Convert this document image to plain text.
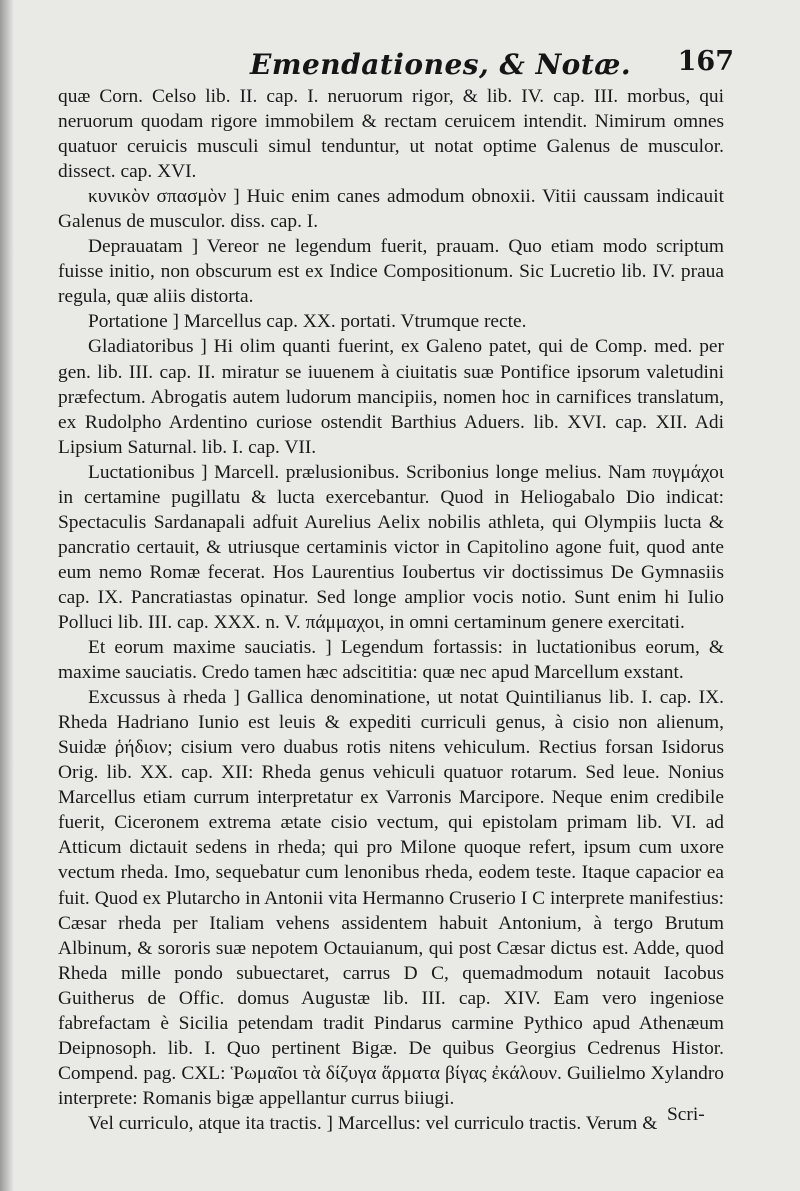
Emendationes, & Notæ. 167

quæ Corn. Celso lib. II. cap. I. neruorum rigor, & lib. IV. cap. III. morbus, qui neruorum quodam rigore immobilem & rectam ceruicem intendit. Nimirum omnes quatuor ceruicis musculi simul tenduntur, ut notat optime Galenus de musculor. dissect. cap. XVI.

κυνικὸν σπασμὸν ] Huic enim canes admodum obnoxii. Vitii caussam indicauit Galenus de musculor. diss. cap. I.

Deprauatam ] Vereor ne legendum fuerit, prauam. Quo etiam modo scriptum fuisse initio, non obscurum est ex Indice Compositionum. Sic Lucretio lib. IV. praua regula, quæ aliis distorta.

Portatione ] Marcellus cap. XX. portati. Vtrumque recte.

Gladiatoribus ] Hi olim quanti fuerint, ex Galeno patet, qui de Comp. med. per gen. lib. III. cap. II. miratur se iuuenem à ciuitatis suæ Pontifice ipsorum valetudini præfectum. Abrogatis autem ludorum mancipiis, nomen hoc in carnifices translatum, ex Rudolpho Ardentino curiose ostendit Barthius Aduers. lib. XVI. cap. XII. Adi Lipsium Saturnal. lib. I. cap. VII.

Luctationibus ] Marcell. prælusionibus. Scribonius longe melius. Nam πυγμάχοι in certamine pugillatu & lucta exercebantur. Quod in Heliogabalo Dio indicat: Spectaculis Sardanapali adfuit Aurelius Aelix nobilis athleta, qui Olympiis lucta & pancratio certauit, & utriusque certaminis victor in Capitolino agone fuit, quod ante eum nemo Romæ fecerat. Hos Laurentius Ioubertus vir doctissimus De Gymnasiis cap. IX. Pancratiastas opinatur. Sed longe amplior vocis notio. Sunt enim hi Iulio Polluci lib. III. cap. XXX. n. V. πάμμαχοι, in omni certaminum genere exercitati.

Et eorum maxime sauciatis. ] Legendum fortassis: in luctationibus eorum, & maxime sauciatis. Credo tamen hæc adscititia: quæ nec apud Marcellum exstant.

Excussus à rheda ] Gallica denominatione, ut notat Quintilianus lib. I. cap. IX. Rheda Hadriano Iunio est leuis & expediti curriculi genus, à cisio non alienum, Suidæ ῥήδιον; cisium vero duabus rotis nitens vehiculum. Rectius forsan Isidorus Orig. lib. XX. cap. XII: Rheda genus vehiculi quatuor rotarum. Sed leue. Nonius Marcellus etiam currum interpretatur ex Varronis Marcipore. Neque enim credibile fuerit, Ciceronem extrema ætate cisio vectum, qui epistolam primam lib. VI. ad Atticum dictauit sedens in rheda; qui pro Milone quoque refert, ipsum cum uxore vectum rheda. Imo, sequebatur cum lenonibus rheda, eodem teste. Itaque capacior ea fuit. Quod ex Plutarcho in Antonii vita Hermanno Cruserio I C interprete manifestius: Cæsar rheda per Italiam vehens assidentem habuit Antonium, à tergo Brutum Albinum, & sororis suæ nepotem Octauianum, qui post Cæsar dictus est. Adde, quod Rheda mille pondo subuectaret, carrus D C, quemadmodum notauit Iacobus Guitherus de Offic. domus Augustæ lib. III. cap. XIV. Eam vero ingeniose fabrefactam è Sicilia petendam tradit Pindarus carmine Pythico apud Athenæum Deipnosoph. lib. I. Quo pertinent Bigæ. De quibus Georgius Cedrenus Histor. Compend. pag. CXL: Ῥωμαῖοι τὰ δίζυγα ἅρματα βίγας ἐκάλουν. Guilielmo Xylandro interprete: Romanis bigæ appellantur currus biiugi.

Vel curriculo, atque ita tractis. ] Marcellus: vel curriculo tractis. Verum & Scri-
